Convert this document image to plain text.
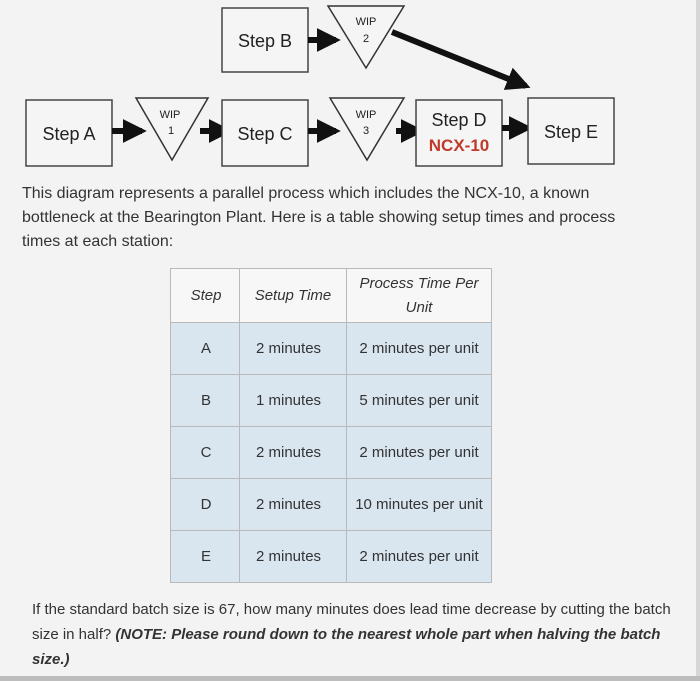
Step A
WIP
1
Step B
WIP
2
Step C
WIP
3
Step D
NCX-10
Step E

This diagram represents a parallel process which includes the NCX-10, a known bottleneck at the Bearington Plant. Here is a table showing setup times and process times at each station:

Step	Setup Time	Process Time Per Unit
A	2 minutes	2 minutes per unit
B	1 minutes	5 minutes per unit
C	2 minutes	2 minutes per unit
D	2 minutes	10 minutes per unit
E	2 minutes	2 minutes per unit

If the standard batch size is 67, how many minutes does lead time decrease by cutting the batch size in half? (NOTE: Please round down to the nearest whole part when halving the batch size.)
